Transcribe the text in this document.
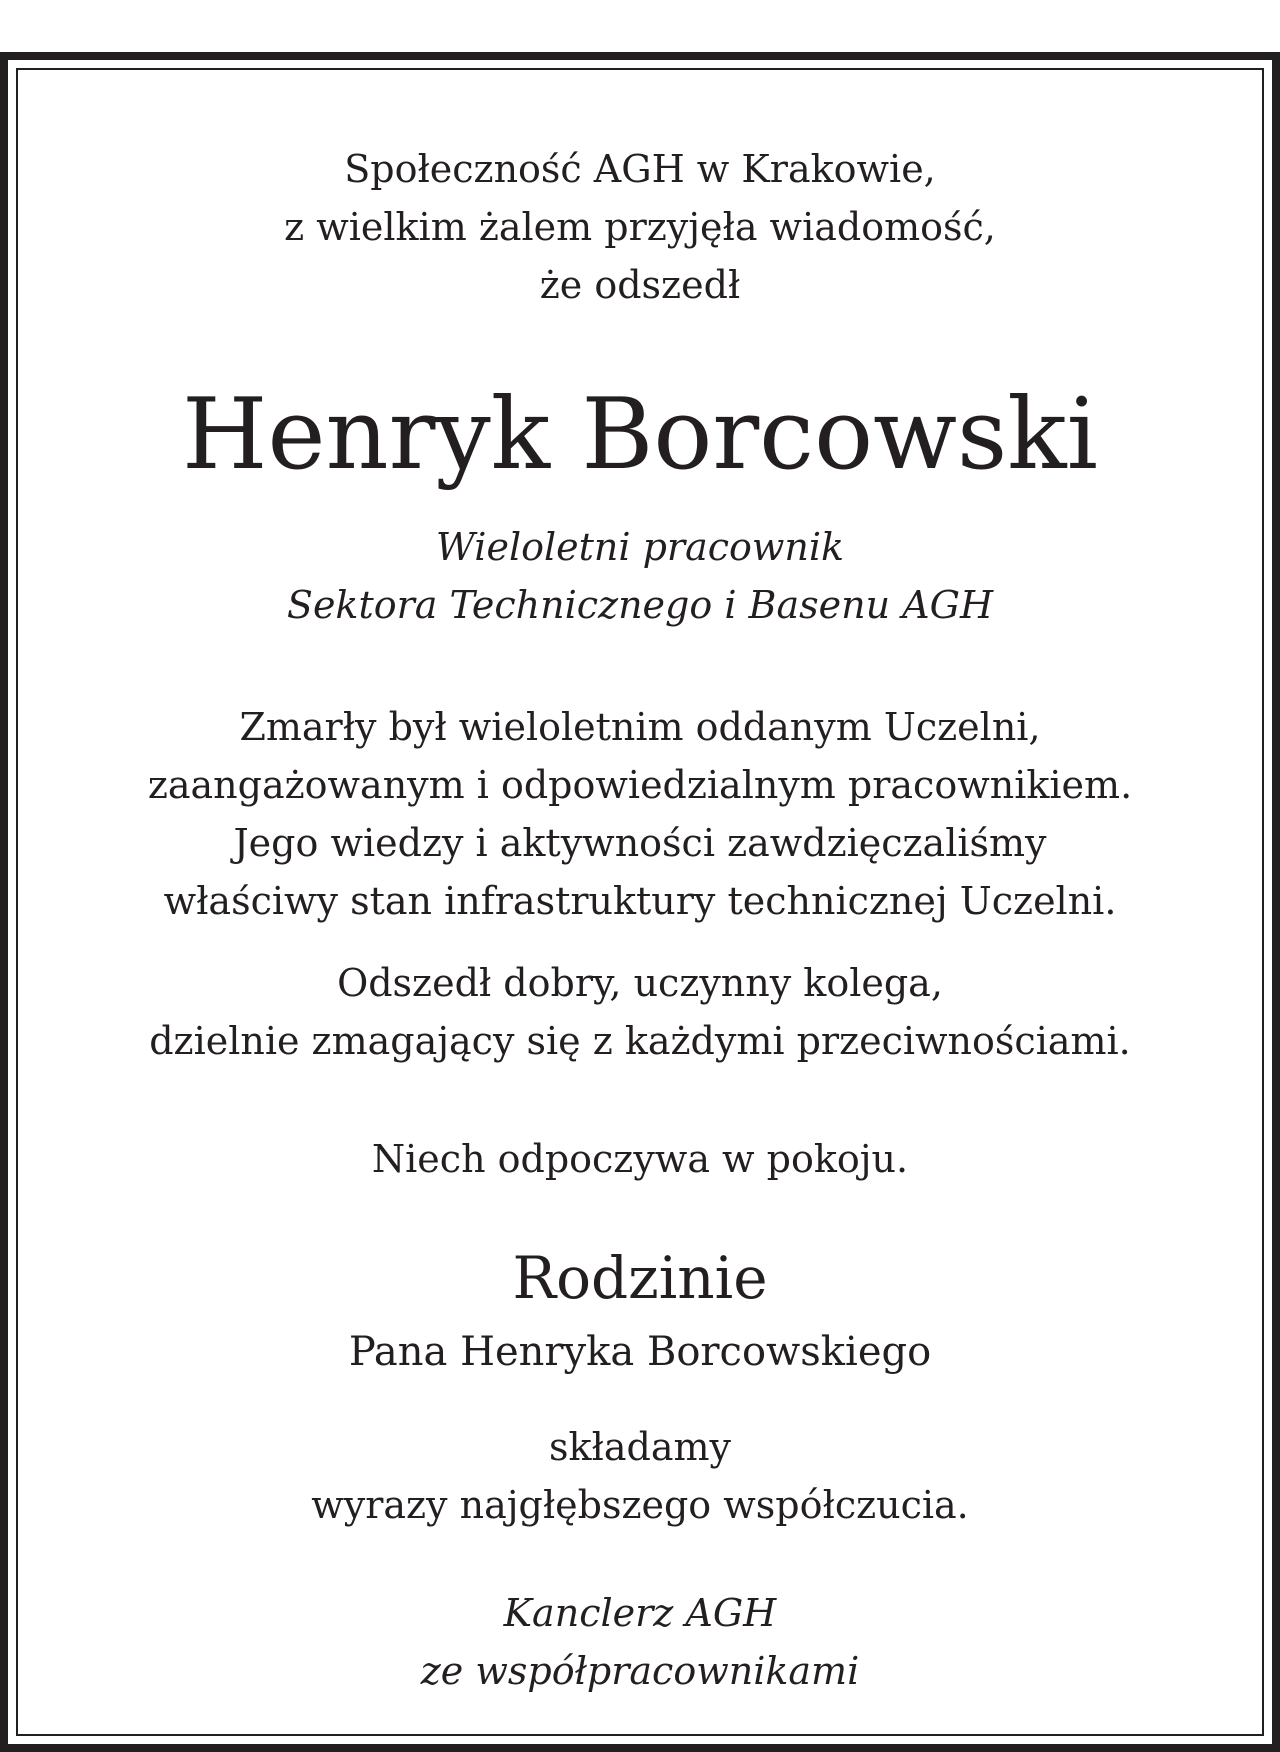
Społeczność AGH w Krakowie,
z wielkim żalem przyjęła wiadomość,
że odszedł
Henryk Borcowski
Wieloletni pracownik
Sektora Technicznego i Basenu AGH
Zmarły był wieloletnim oddanym Uczelni,
zaangażowanym i odpowiedzialnym pracownikiem.
Jego wiedzy i aktywności zawdzięczaliśmy
właściwy stan infrastruktury technicznej Uczelni.
Odszedł dobry, uczynny kolega,
dzielnie zmagający się z każdymi przeciwnościami.
Niech odpoczywa w pokoju.
Rodzinie
Pana Henryka Borcowskiego
składamy
wyrazy najgłębszego współczucia.
Kanclerz AGH
ze współpracownikami
